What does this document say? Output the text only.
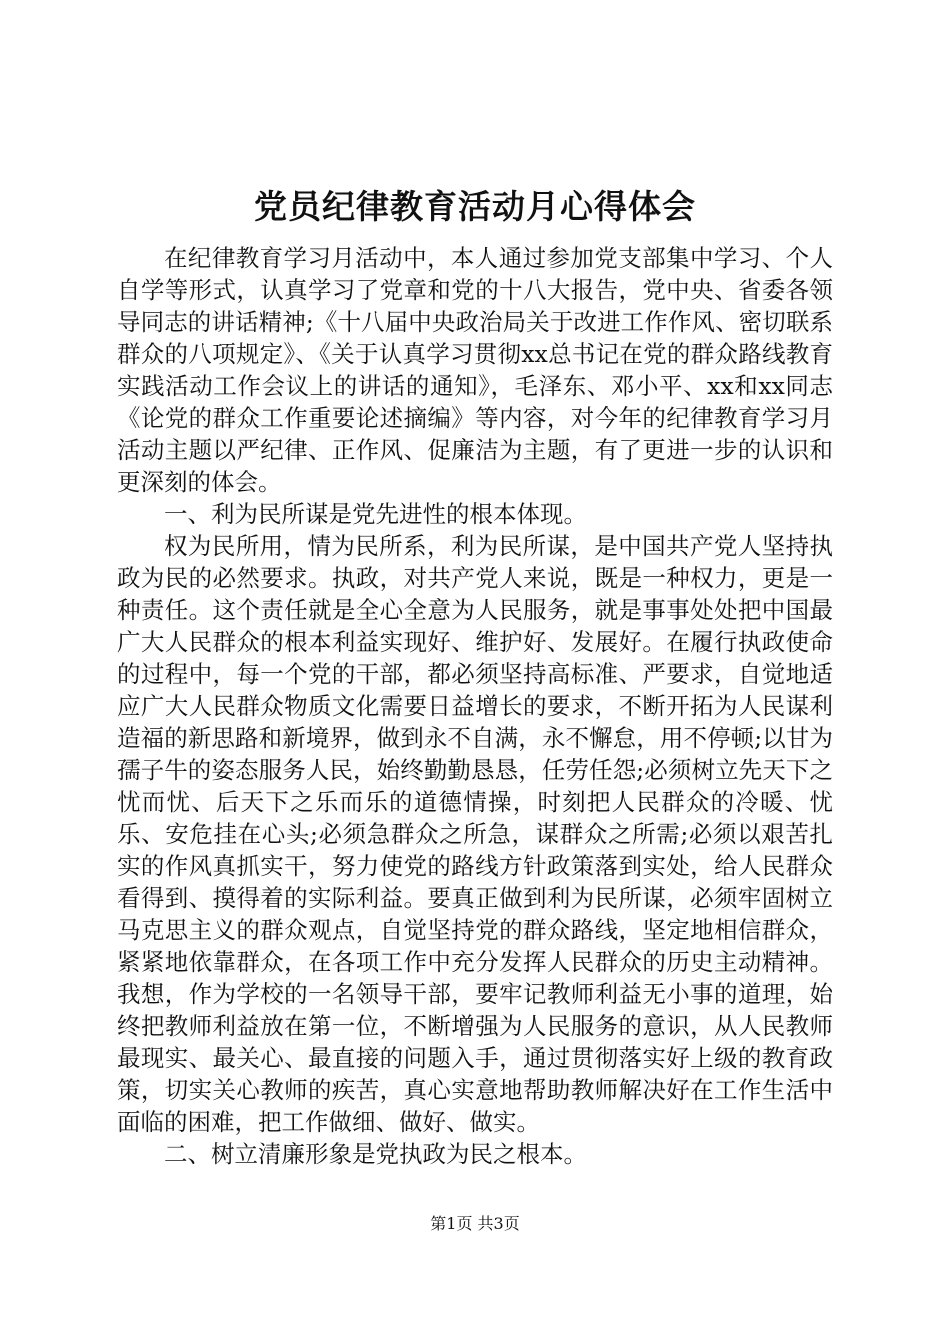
党员纪律教育活动月心得体会

在纪律教育学习月活动中，本人通过参加党支部集中学习、个人自学等形式，认真学习了党章和党的十八大报告，党中央、省委各领导同志的讲话精神;《十八届中央政治局关于改进工作作风、密切联系群众的八项规定》、《关于认真学习贯彻xx总书记在党的群众路线教育实践活动工作会议上的讲话的通知》，毛泽东、邓小平、xx和xx同志《论党的群众工作重要论述摘编》等内容，对今年的纪律教育学习月活动主题以严纪律、正作风、促廉洁为主题，有了更进一步的认识和更深刻的体会。

一、利为民所谋是党先进性的根本体现。

权为民所用，情为民所系，利为民所谋，是中国共产党人坚持执政为民的必然要求。执政，对共产党人来说，既是一种权力，更是一种责任。这个责任就是全心全意为人民服务，就是事事处处把中国最广大人民群众的根本利益实现好、维护好、发展好。在履行执政使命的过程中，每一个党的干部，都必须坚持高标准、严要求，自觉地适应广大人民群众物质文化需要日益增长的要求，不断开拓为人民谋利造福的新思路和新境界，做到永不自满，永不懈怠，用不停顿;以甘为孺子牛的姿态服务人民，始终勤勤恳恳，任劳任怨;必须树立先天下之忧而忧、后天下之乐而乐的道德情操，时刻把人民群众的冷暖、忧乐、安危挂在心头;必须急群众之所急，谋群众之所需;必须以艰苦扎实的作风真抓实干，努力使党的路线方针政策落到实处，给人民群众看得到、摸得着的实际利益。要真正做到利为民所谋，必须牢固树立马克思主义的群众观点，自觉坚持党的群众路线，坚定地相信群众，紧紧地依靠群众，在各项工作中充分发挥人民群众的历史主动精神。我想，作为学校的一名领导干部，要牢记教师利益无小事的道理，始终把教师利益放在第一位，不断增强为人民服务的意识，从人民教师最现实、最关心、最直接的问题入手，通过贯彻落实好上级的教育政策，切实关心教师的疾苦，真心实意地帮助教师解决好在工作生活中面临的困难，把工作做细、做好、做实。

二、树立清廉形象是党执政为民之根本。

第1页 共3页
